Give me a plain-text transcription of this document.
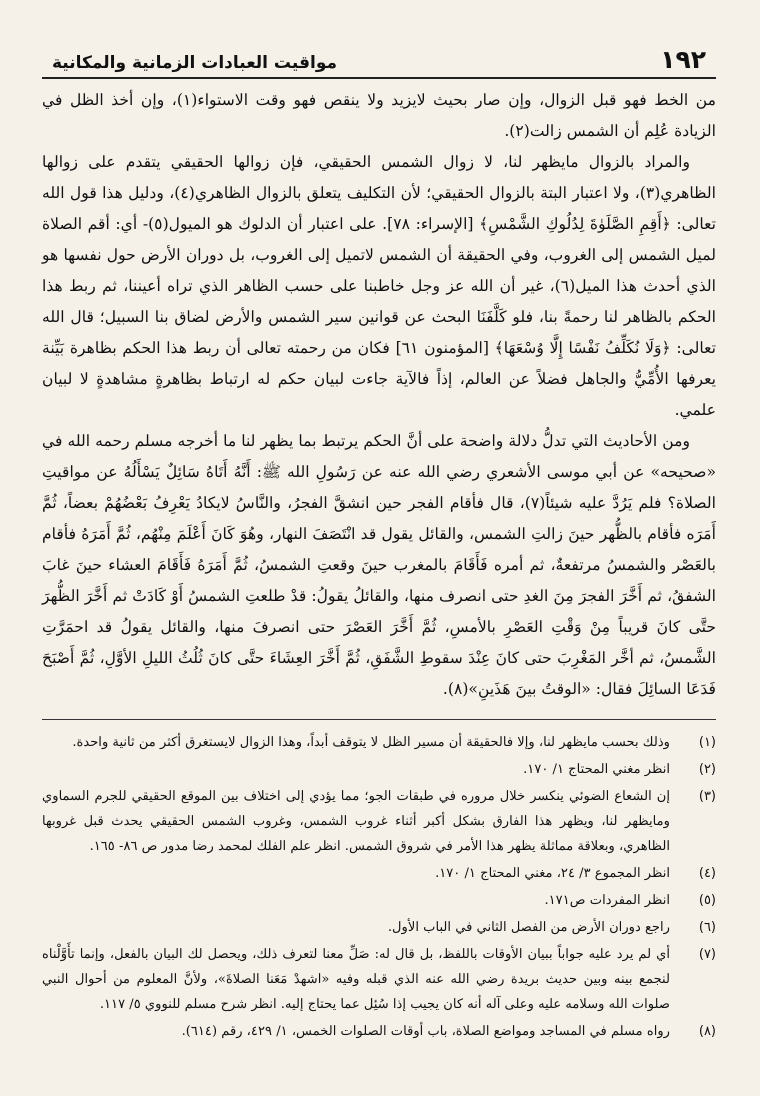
١٩٢
مواقيت العبادات الزمانية والمكانية

من الخط فهو قبل الزوال، وإن صار بحيث لايزيد ولا ينقص فهو وقت الاستواء(١)، وإن أخذ الظل في الزيادة عُلِم أن الشمس زالت(٢).

والمراد بالزوال مايظهر لنا، لا زوال الشمس الحقيقي، فإن زوالها الحقيقي يتقدم على زوالها الظاهري(٣)، ولا اعتبار البتة بالزوال الحقيقي؛ لأن التكليف يتعلق بالزوال الظاهري(٤)، ودليل هذا قول الله تعالى: ﴿أَقِمِ الصَّلَوٰةَ لِدُلُوكِ الشَّمْسِ﴾ [الإسراء: ٧٨]. على اعتبار أن الدلوك هو الميول(٥)- أي: أقم الصلاة لميل الشمس إلى الغروب، وفي الحقيقة أن الشمس لاتميل إلى الغروب، بل دوران الأرض حول نفسها هو الذي أحدث هذا الميل(٦)، غير أن الله عز وجل خاطبنا على حسب الظاهر الذي تراه أعيننا، ثم ربط هذا الحكم بالظاهر لنا رحمةً بنا، فلو كَلَّفَنَا البحث عن قوانين سير الشمس والأرض لضاق بنا السبيل؛ قال الله تعالى: ﴿وَلَا نُكَلِّفُ نَفْسًا إِلَّا وُسْعَهَا﴾ [المؤمنون ٦١] فكان من رحمته تعالى أن ربط هذا الحكم بظاهرة بَيِّنة يعرفها الأُمِّيُّ والجاهل فضلاً عن العالم، إذاً فالآية جاءت لبيان حكم له ارتباط بظاهرةٍ مشاهدةٍ لا لبيان علمي.

ومن الأحاديث التي تدلُّ دلالة واضحة على أنَّ الحكم يرتبط بما يظهر لنا ما أخرجه مسلم رحمه الله في «صحيحه» عن أبي موسى الأشعري رضي الله عنه عن رَسُولِ الله ﷺ: أَنَّهُ أَتَاهُ سَائِلٌ يَسْأَلُهُ عن مواقيتِ الصلاة؟ فلم يَرُدَّ عليه شيئاً(٧)، قال فأقام الفجر حين انشقَّ الفجرُ، والنَّاسُ لايكادُ يَعْرِفُ بَعْضُهُمْ بعضاً، ثُمَّ أَمَرَه فأقام بالظُّهر حينَ زالتِ الشمس، والقائل يقول قد انْتَصَفَ النهار، وهُوَ كَانَ أَعْلَمَ مِنْهُم، ثُمَّ أَمَرَهُ فأقام بالعَصْر والشمسُ مرتفعةٌ، ثم أمره فَأَقَامَ بالمغرب حينَ وقعتِ الشمسُ، ثُمَّ أَمَرَهُ فَأَقَامَ العشاء حينَ غابَ الشفقُ، ثم أَخَّرَ الفجرَ مِنَ الغدِ حتى انصرف منها، والقائلُ يقولُ: قدْ طلعتِ الشمسُ أَوْ كَادَتْ ثم أَخَّرَ الظُّهرَ حتَّى كانَ قريباً مِنْ وَقْتِ العَصْرِ بالأمسِ، ثُمَّ أَخَّرَ العَصْرَ حتى انصرفَ منها، والقائل يقولُ قد احمَرَّتِ الشَّمسُ، ثم أخَّر المَغْرِبَ حتى كانَ عِنْدَ سقوطِ الشَّفَقِ، ثُمَّ أَخَّرَ العِشَاءَ حتَّى كانَ ثُلُثُ الليلِ الأوَّلِ، ثُمَّ أَصْبَحَ فَدَعَا السائِلَ فقال: «الوقتُ بينَ هَذَينِ»(٨).

(١)
وذلك بحسب مايظهر لنا، وإلا فالحقيقة أن مسير الظل لا يتوقف أبداً، وهذا الزوال لايستغرق أكثر من ثانية واحدة.
(٢)
انظر مغني المحتاج ١/ ١٧٠.
(٣)
إن الشعاع الضوئي ينكسر خلال مروره في طبقات الجو؛ مما يؤدي إلى اختلاف بين الموقع الحقيقي للجرم السماوي ومايظهر لنا، ويظهر هذا الفارق بشكل أكبر أثناء غروب الشمس، وغروب الشمس الحقيقي يحدث قبل غروبها الظاهري، وبعلاقة مماثلة يظهر هذا الأمر في شروق الشمس. انظر علم الفلك لمحمد رضا مدور ص ٨٦- ١٦٥.
(٤)
انظر المجموع ٣/ ٢٤، مغني المحتاج ١/ ١٧٠.
(٥)
انظر المفردات ص١٧١.
(٦)
راجع دوران الأرض من الفصل الثاني في الباب الأول.
(٧)
أي لم يرد عليه جواباً ببيان الأوقات باللفظ، بل قال له: صَلِّ معنا لتعرف ذلك، ويحصل لك البيان بالفعل، وإنما تأَوَّلْناه لنجمع بينه وبين حديث بريدة رضي الله عنه الذي قبله وفيه «اشهدْ مَعَنا الصلاةَ»، ولأنَّ المعلوم من أحوال النبي صلوات الله وسلامه عليه وعلى آله أنه كان يجيب إذا سُئِل عما يحتاج إليه. انظر شرح مسلم للنووي ٥/ ١١٧.
(٨)
رواه مسلم في المساجد ومواضع الصلاة، باب أوقات الصلوات الخمس، ١/ ٤٢٩، رقم (٦١٤).
